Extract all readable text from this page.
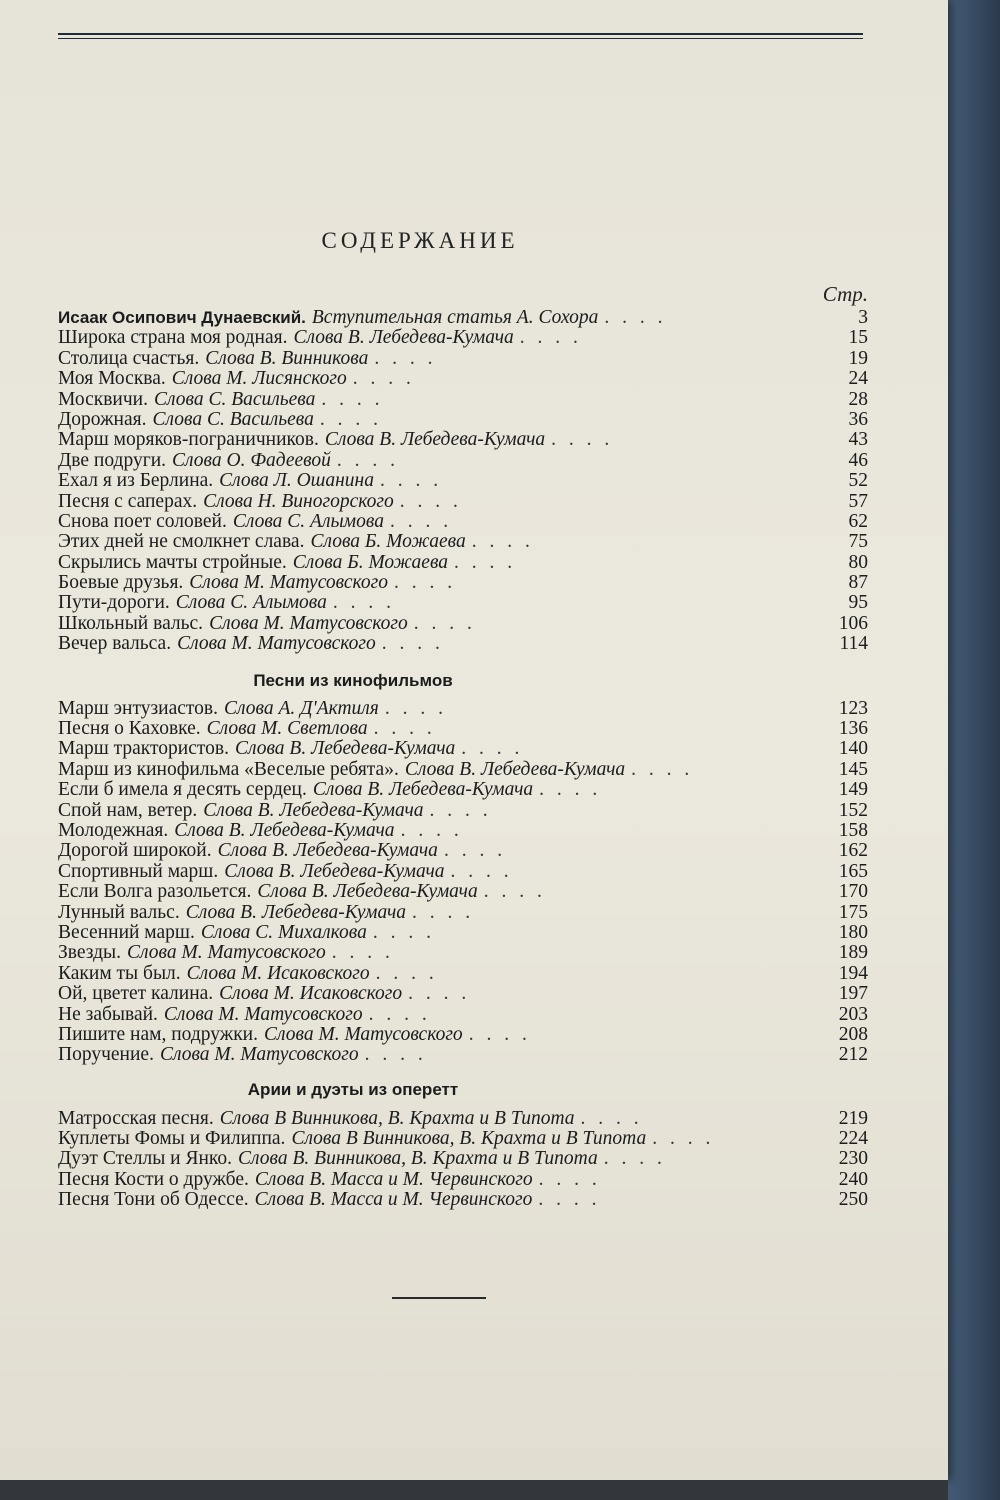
СОДЕРЖАНИЕ
Стр.
Исаак Осипович Дунаевский. Вступительная статья А. Сохора . . . .	3
Широка страна моя родная. Слова В. Лебедева-Кумача . . . .	15
Столица счастья. Слова В. Винникова . . . .	19
Моя Москва. Слова М. Лисянского . . . .	24
Москвичи. Слова С. Васильева . . . .	28
Дорожная. Слова С. Васильева . . . .	36
Марш моряков-пограничников. Слова В. Лебедева-Кумача . . . .	43
Две подруги. Слова О. Фадеевой . . . .	46
Ехал я из Берлина. Слова Л. Ошанина . . . .	52
Песня с саперах. Слова Н. Виногорского . . . .	57
Снова поет соловей. Слова С. Алымова . . . .	62
Этих дней не смолкнет слава. Слова Б. Можаева . . . .	75
Скрылись мачты стройные. Слова Б. Можаева . . . .	80
Боевые друзья. Слова М. Матусовского . . . .	87
Пути-дороги. Слова С. Алымова . . . .	95
Школьный вальс. Слова М. Матусовского . . . .	106
Вечер вальса. Слова М. Матусовского . . . .	114
Песни из кинофильмов
Марш энтузиастов. Слова А. Д'Актиля . . . .	123
Песня о Каховке. Слова М. Светлова . . . .	136
Марш трактористов. Слова В. Лебедева-Кумача . . . .	140
Марш из кинофильма «Веселые ребята». Слова В. Лебедева-Кумача . . . .	145
Если б имела я десять сердец. Слова В. Лебедева-Кумача . . . .	149
Спой нам, ветер. Слова В. Лебедева-Кумача . . . .	152
Молодежная. Слова В. Лебедева-Кумача . . . .	158
Дорогой широкой. Слова В. Лебедева-Кумача . . . .	162
Спортивный марш. Слова В. Лебедева-Кумача . . . .	165
Если Волга разольется. Слова В. Лебедева-Кумача . . . .	170
Лунный вальс. Слова В. Лебедева-Кумача . . . .	175
Весенний марш. Слова С. Михалкова . . . .	180
Звезды. Слова М. Матусовского . . . .	189
Каким ты был. Слова М. Исаковского . . . .	194
Ой, цветет калина. Слова М. Исаковского . . . .	197
Не забывай. Слова М. Матусовского . . . .	203
Пишите нам, подружки. Слова М. Матусовского . . . .	208
Поручение. Слова М. Матусовского . . . .	212
Арии и дуэты из оперетт
Матросская песня. Слова В Винникова, В. Крахта и В Типота . . . .	219
Куплеты Фомы и Филиппа. Слова В Винникова, В. Крахта и В Типота . . . .	224
Дуэт Стеллы и Янко. Слова В. Винникова, В. Крахта и В Типота . . . .	230
Песня Кости о дружбе. Слова В. Масса и М. Червинского . . . .	240
Песня Тони об Одессе. Слова В. Масса и М. Червинского . . . .	250
